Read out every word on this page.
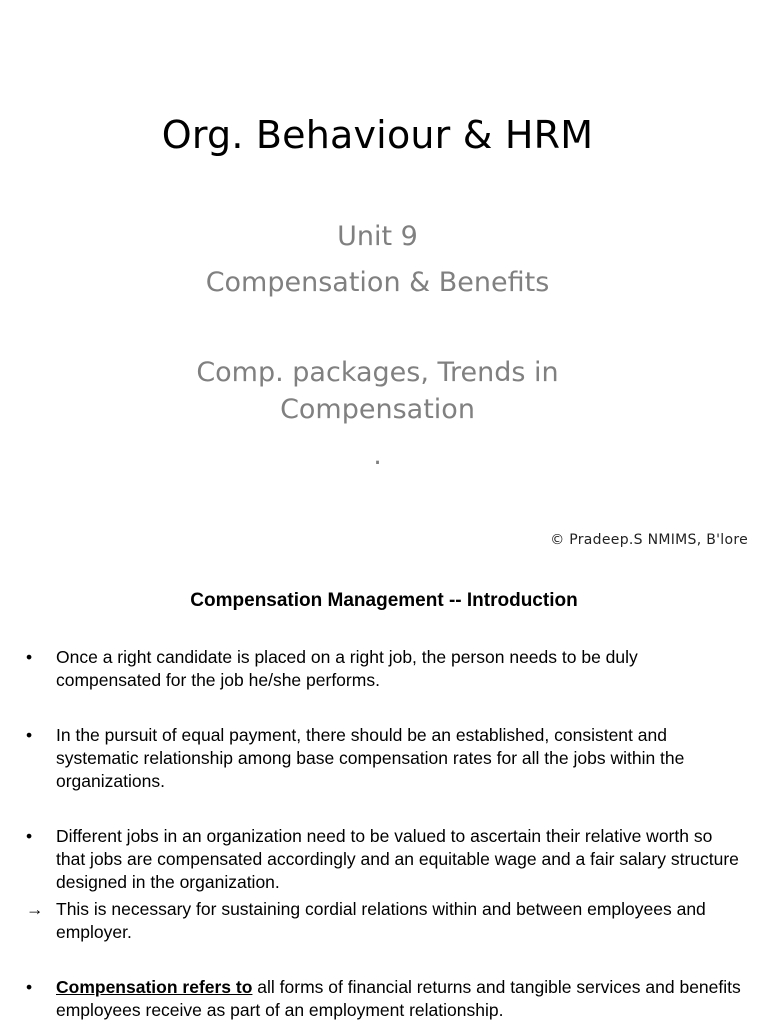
Org. Behaviour & HRM
Unit 9
Compensation & Benefits
Comp. packages, Trends in
Compensation
.
© Pradeep.S NMIMS, B'lore
Compensation Management -- Introduction
• Once a right candidate is placed on a right job, the person needs to be duly compensated for the job he/she performs.
• In the pursuit of equal payment, there should be an established, consistent and systematic relationship among base compensation rates for all the jobs within the organizations.
• Different jobs in an organization need to be valued to ascertain their relative worth so that jobs are compensated accordingly and an equitable wage and a fair salary structure designed in the organization.
→ This is necessary for sustaining cordial relations within and between employees and employer.
• Compensation refers to all forms of financial returns and tangible services and benefits employees receive as part of an employment relationship.
